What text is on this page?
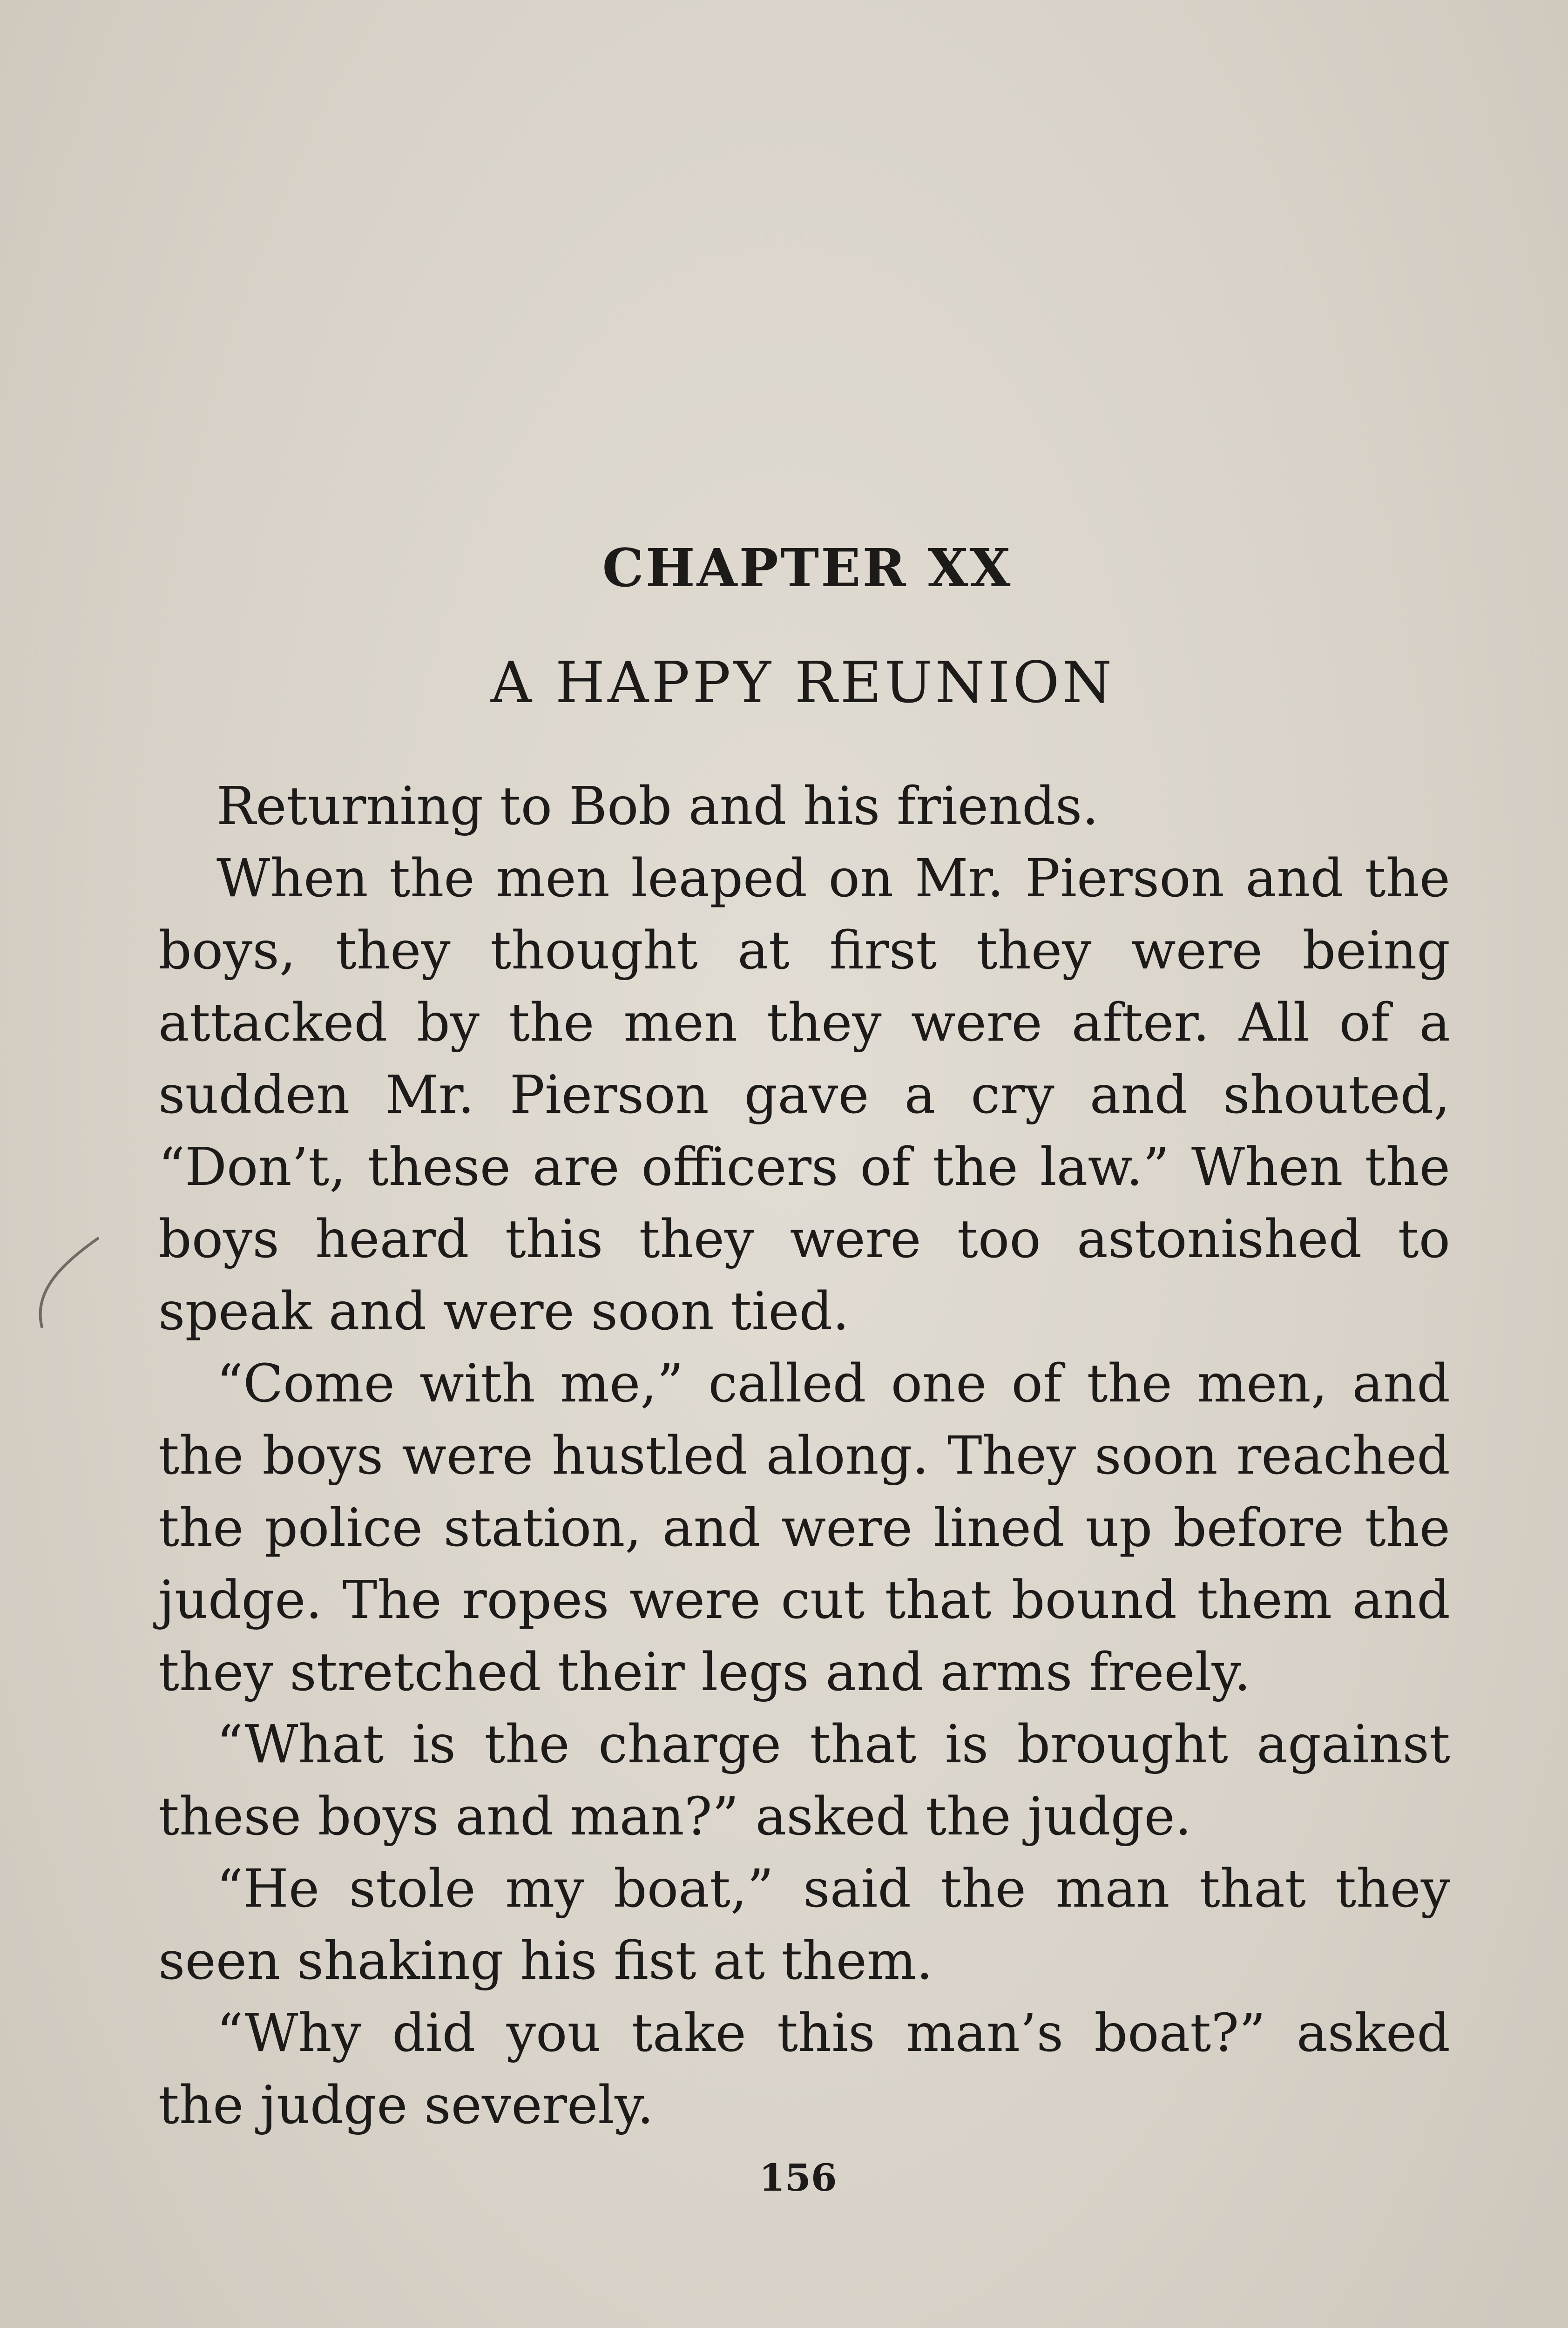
CHAPTER XX
A HAPPY REUNION

Returning to Bob and his friends.

When the men leaped on Mr. Pierson and the boys, they thought at first they were being attacked by the men they were after. All of a sudden Mr. Pierson gave a cry and shouted, “Don’t, these are officers of the law.” When the boys heard this they were too astonished to speak and were soon tied.

“Come with me,” called one of the men, and the boys were hustled along. They soon reached the police station, and were lined up before the judge. The ropes were cut that bound them and they stretched their legs and arms freely.

“What is the charge that is brought against these boys and man?” asked the judge.

“He stole my boat,” said the man that they seen shaking his fist at them.

“Why did you take this man’s boat?” asked the judge severely.

156
